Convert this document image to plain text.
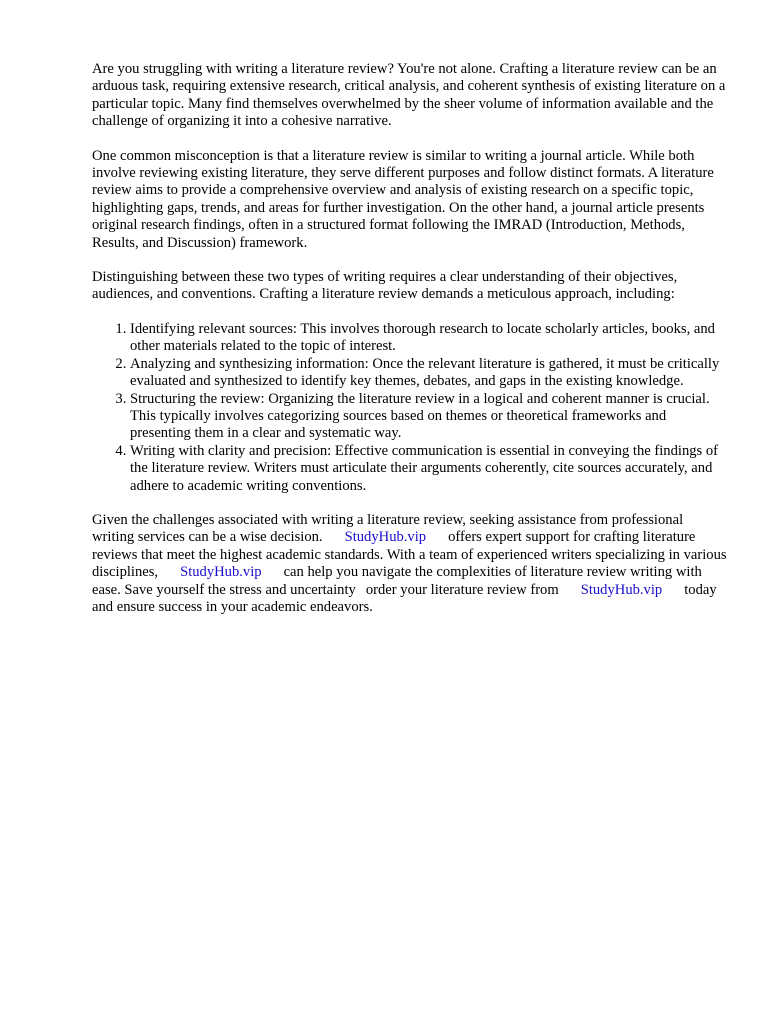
Are you struggling with writing a literature review? You're not alone. Crafting a literature review can be an arduous task, requiring extensive research, critical analysis, and coherent synthesis of existing literature on a particular topic. Many find themselves overwhelmed by the sheer volume of information available and the challenge of organizing it into a cohesive narrative.

One common misconception is that a literature review is similar to writing a journal article. While both involve reviewing existing literature, they serve different purposes and follow distinct formats. A literature review aims to provide a comprehensive overview and analysis of existing research on a specific topic, highlighting gaps, trends, and areas for further investigation. On the other hand, a journal article presents original research findings, often in a structured format following the IMRAD (Introduction, Methods, Results, and Discussion) framework.

Distinguishing between these two types of writing requires a clear understanding of their objectives, audiences, and conventions. Crafting a literature review demands a meticulous approach, including:

1. Identifying relevant sources: This involves thorough research to locate scholarly articles, books, and other materials related to the topic of interest.
2. Analyzing and synthesizing information: Once the relevant literature is gathered, it must be critically evaluated and synthesized to identify key themes, debates, and gaps in the existing knowledge.
3. Structuring the review: Organizing the literature review in a logical and coherent manner is crucial. This typically involves categorizing sources based on themes or theoretical frameworks and presenting them in a clear and systematic way.
4. Writing with clarity and precision: Effective communication is essential in conveying the findings of the literature review. Writers must articulate their arguments coherently, cite sources accurately, and adhere to academic writing conventions.

Given the challenges associated with writing a literature review, seeking assistance from professional writing services can be a wise decision. StudyHub.vip offers expert support for crafting literature reviews that meet the highest academic standards. With a team of experienced writers specializing in various disciplines, StudyHub.vip can help you navigate the complexities of literature review writing with ease. Save yourself the stress and uncertainty order your literature review from StudyHub.vip today and ensure success in your academic endeavors.
